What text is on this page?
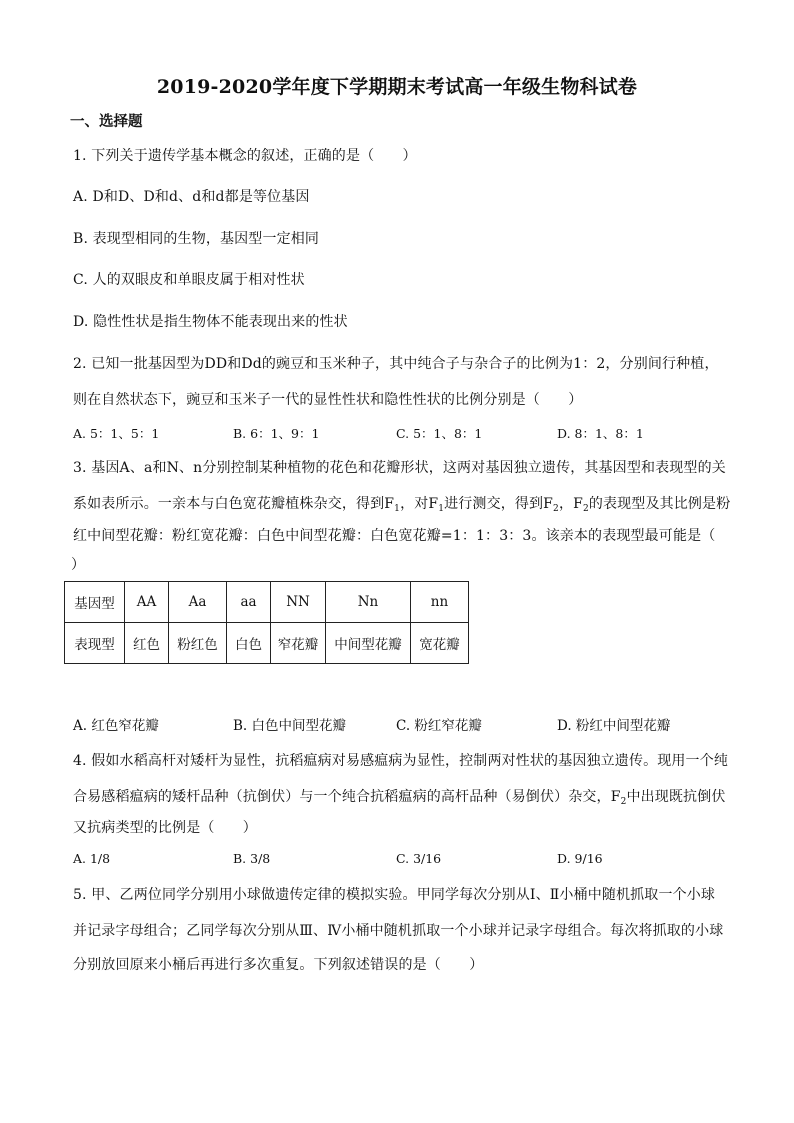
2019-2020学年度下学期期末考试高一年级生物科试卷
一、选择题
1. 下列关于遗传学基本概念的叙述，正确的是（　　）
A. D和D、D和d、d和d都是等位基因
B. 表现型相同的生物，基因型一定相同
C. 人的双眼皮和单眼皮属于相对性状
D. 隐性性状是指生物体不能表现出来的性状
2. 已知一批基因型为DD和Dd的豌豆和玉米种子，其中纯合子与杂合子的比例为1：2，分别间行种植，
则在自然状态下，豌豆和玉米子一代的显性性状和隐性性状的比例分别是（　　）
A. 5：1、5：1	B. 6：1、9：1	C. 5：1、8：1	D. 8：1、8：1
3. 基因A、a和N、n分别控制某种植物的花色和花瓣形状，这两对基因独立遗传，其基因型和表现型的关
系如表所示。一亲本与白色宽花瓣植株杂交，得到$F_1$，对$F_1$进行测交，得到$F_2$，$F_2$的表现型及其比例是粉
红中间型花瓣：粉红宽花瓣：白色中间型花瓣：白色宽花瓣=1：1：3：3。该亲本的表现型最可能是（
）
基因型	AA	Aa	aa	NN	Nn	nn
表现型	红色	粉红色	白色	窄花瓣	中间型花瓣	宽花瓣
A. 红色窄花瓣	B. 白色中间型花瓣	C. 粉红窄花瓣	D. 粉红中间型花瓣
4. 假如水稻高杆对矮杆为显性，抗稻瘟病对易感瘟病为显性，控制两对性状的基因独立遗传。现用一个纯
合易感稻瘟病的矮杆品种（抗倒伏）与一个纯合抗稻瘟病的高杆品种（易倒伏）杂交，$F_2$中出现既抗倒伏
又抗病类型的比例是（　　）
A. 1/8	B. 3/8	C. 3/16	D. 9/16
5. 甲、乙两位同学分别用小球做遗传定律的模拟实验。甲同学每次分别从Ⅰ、Ⅱ小桶中随机抓取一个小球
并记录字母组合；乙同学每次分别从Ⅲ、Ⅳ小桶中随机抓取一个小球并记录字母组合。每次将抓取的小球
分别放回原来小桶后再进行多次重复。下列叙述错误的是（　　）
